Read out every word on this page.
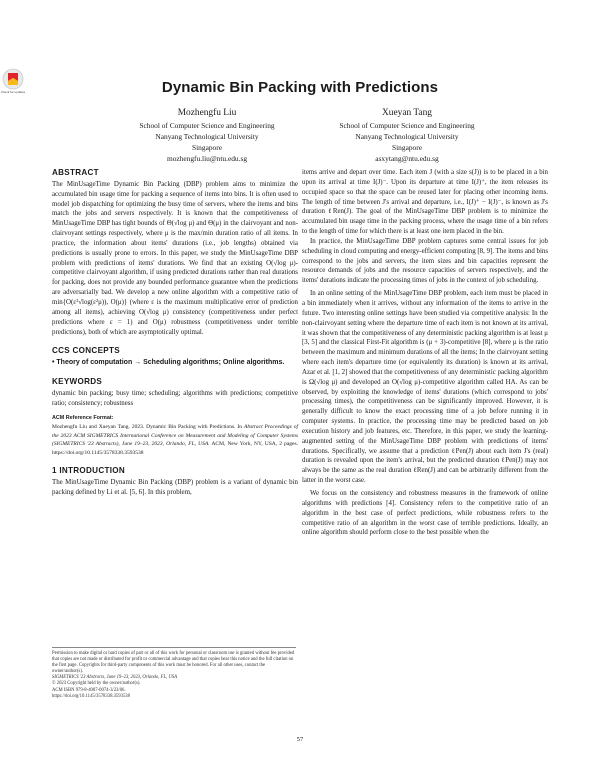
Check for updates	Dynamic Bin Packing with Predictions
Mozhengfu Liu
School of Computer Science and Engineering
Nanyang Technological University
Singapore
mozhengfu.liu@ntu.edu.sg
Xueyan Tang
School of Computer Science and Engineering
Nanyang Technological University
Singapore
asxytang@ntu.edu.sg

ABSTRACT

The MinUsageTime Dynamic Bin Packing (DBP) problem aims to minimize the accumulated bin usage time for packing a sequence of items into bins. It is often used to model job dispatching for optimizing the busy time of servers, where the items and bins match the jobs and servers respectively. It is known that the competitiveness of MinUsageTime DBP has tight bounds of Θ(√log μ) and Θ(μ) in the clairvoyant and non-clairvoyant settings respectively, where μ is the max/min duration ratio of all items. In practice, the information about items' durations (i.e., job lengths) obtained via predictions is usually prone to errors. In this paper, we study the MinUsageTime DBP problem with predictions of items' durations. We find that an existing O(√log μ)-competitive clairvoyant algorithm, if using predicted durations rather than real durations for packing, does not provide any bounded performance guarantee when the predictions are adversarially bad. We develop a new online algorithm with a competitive ratio of min{O(ε²√log(ε²μ)), O(μ)} (where ε is the maximum multiplicative error of prediction among all items), achieving O(√log μ) consistency (competitiveness under perfect predictions where ε = 1) and O(μ) robustness (competitiveness under terrible predictions), both of which are asymptotically optimal.

CCS CONCEPTS

• Theory of computation → Scheduling algorithms; Online algorithms.

KEYWORDS

dynamic bin packing; busy time; scheduling; algorithms with predictions; competitive ratio; consistency; robustness

ACM Reference Format:

Mozhengfu Liu and Xueyan Tang. 2023. Dynamic Bin Packing with Predictions. In Abstract Proceedings of the 2023 ACM SIGMETRICS International Conference on Measurement and Modeling of Computer Systems (SIGMETRICS '23 Abstracts), June 19–23, 2023, Orlando, FL, USA. ACM, New York, NY, USA, 2 pages. https://doi.org/10.1145/3578338.3593538

1 INTRODUCTION

The MinUsageTime Dynamic Bin Packing (DBP) problem is a variant of dynamic bin packing defined by Li et al. [5, 6]. In this problem,

Permission to make digital or hard copies of part or all of this work for personal or classroom use is granted without fee provided that copies are not made or distributed for profit or commercial advantage and that copies bear this notice and the full citation on the first page. Copyrights for third-party components of this work must be honored. For all other uses, contact the owner/author(s).

SIGMETRICS '23 Abstracts, June 19–23, 2023, Orlando, FL, USA

© 2023 Copyright held by the owner/author(s).

ACM ISBN 979-8-4007-0074-3/23/06.

https://doi.org/10.1145/3578338.3593538

items arrive and depart over time. Each item J (with a size s(J)) is to be placed in a bin upon its arrival at time I(J)⁻. Upon its departure at time I(J)⁺, the item releases its occupied space so that the space can be reused later for placing other incoming items. The length of time between J's arrival and departure, i.e., I(J)⁺ − I(J)⁻, is known as J's duration ℓRen(J). The goal of the MinUsageTime DBP problem is to minimize the accumulated bin usage time in the packing process, where the usage time of a bin refers to the length of time for which there is at least one item placed in the bin.

In practice, the MinUsageTime DBP problem captures some central issues for job scheduling in cloud computing and energy-efficient computing [8, 9]. The items and bins correspond to the jobs and servers, the item sizes and bin capacities represent the resource demands of jobs and the resource capacities of servers respectively, and the items' durations indicate the processing times of jobs in the context of job scheduling.

In an online setting of the MinUsageTime DBP problem, each item must be placed in a bin immediately when it arrives, without any information of the items to arrive in the future. Two interesting online settings have been studied via competitive analysis: In the non-clairvoyant setting where the departure time of each item is not known at its arrival, it was shown that the competitiveness of any deterministic packing algorithm is at least μ [3, 5] and the classical First-Fit algorithm is (μ + 3)-competitive [8], where μ is the ratio between the maximum and minimum durations of all the items; In the clairvoyant setting where each item's departure time (or equivalently its duration) is known at its arrival, Azar et al. [1, 2] showed that the competitiveness of any deterministic packing algorithm is Ω(√log μ) and developed an O(√log μ)-competitive algorithm called HA. As can be observed, by exploiting the knowledge of items' durations (which correspond to jobs' processing times), the competitiveness can be significantly improved. However, it is generally difficult to know the exact processing time of a job before running it in computer systems. In practice, the processing time may be predicted based on job execution history and job features, etc. Therefore, in this paper, we study the learning-augmented setting of the MinUsageTime DBP problem with predictions of items' durations. Specifically, we assume that a prediction ℓPen(J) about each item J's (real) duration is revealed upon the item's arrival, but the predicted duration ℓPen(J) may not always be the same as the real duration ℓRen(J) and can be arbitrarily different from the latter in the worst case.

We focus on the consistency and robustness measures in the framework of online algorithms with predictions [4]. Consistency refers to the competitive ratio of an algorithm in the best case of perfect predictions, while robustness refers to the competitive ratio of an algorithm in the worst case of terrible predictions. Ideally, an online algorithm should perform close to the best possible when the

57
